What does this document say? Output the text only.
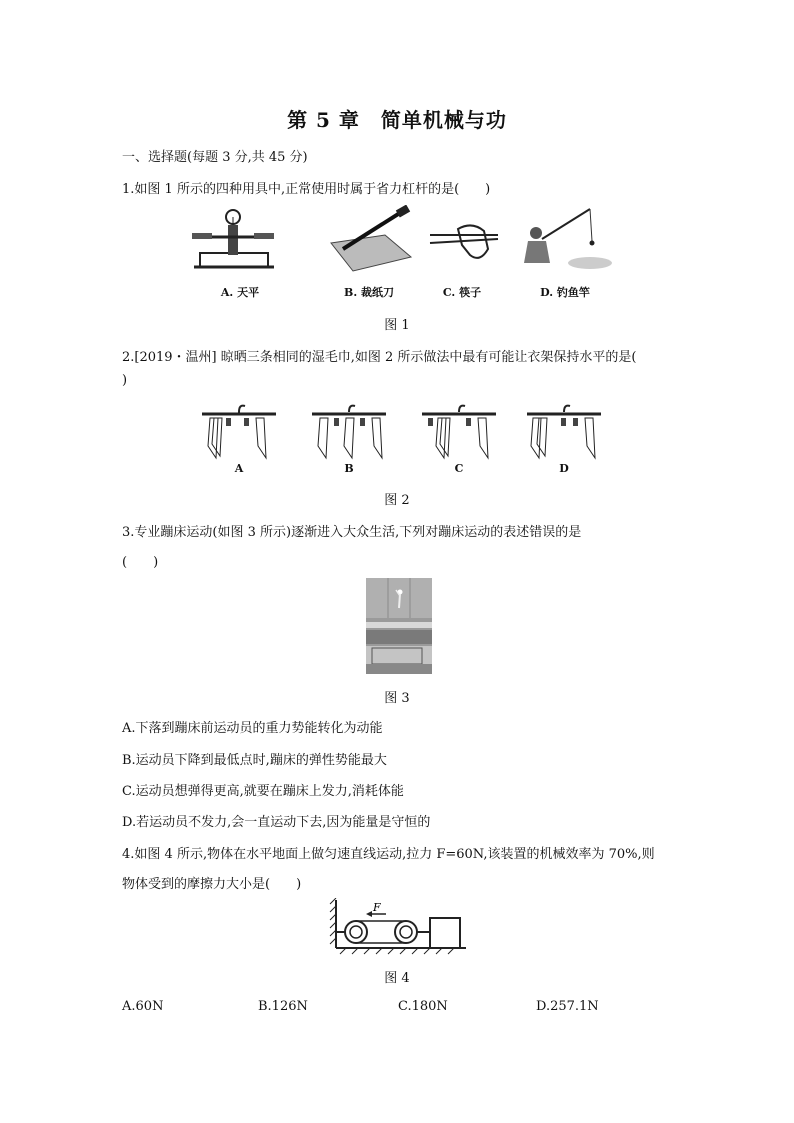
第 5 章　简单机械与功
一、选择题(每题 3 分,共 45 分)
1.如图 1 所示的四种用具中,正常使用时属于省力杠杆的是(　　)
A. 天平	B. 裁纸刀	C. 筷子	D. 钓鱼竿
图 1
2.[2019・温州] 晾晒三条相同的湿毛巾,如图 2 所示做法中最有可能让衣架保持水平的是(
)
A	B	C	D
图 2
3.专业蹦床运动(如图 3 所示)逐渐进入大众生活,下列对蹦床运动的表述错误的是
(　　)
图 3
A.下落到蹦床前运动员的重力势能转化为动能
B.运动员下降到最低点时,蹦床的弹性势能最大
C.运动员想弹得更高,就要在蹦床上发力,消耗体能
D.若运动员不发力,会一直运动下去,因为能量是守恒的
4.如图 4 所示,物体在水平地面上做匀速直线运动,拉力 F=60N,该装置的机械效率为 70%,则
物体受到的摩擦力大小是(　　)
F
图 4
A.60N	B.126N	C.180N	D.257.1N
